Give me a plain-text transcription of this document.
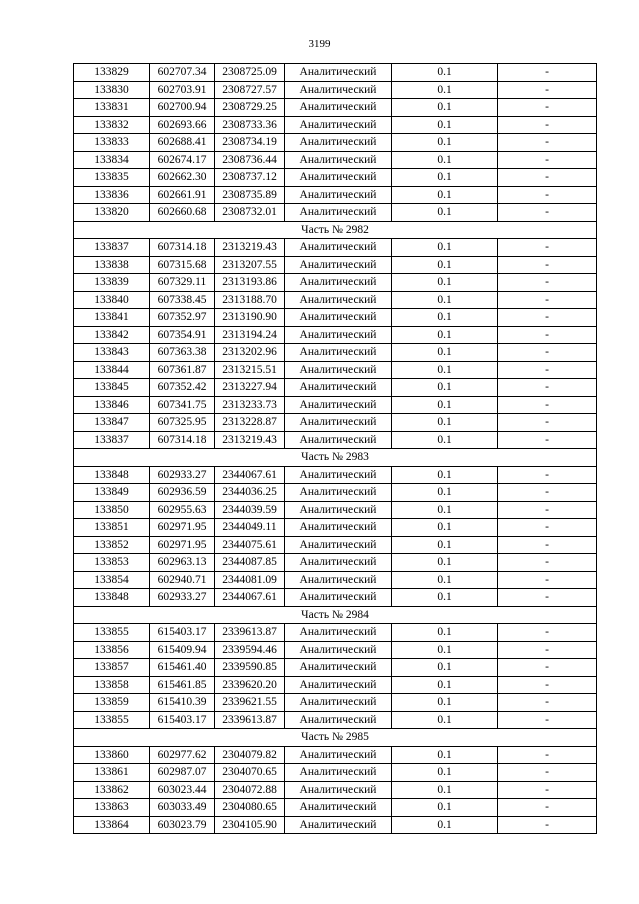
3199
133829	602707.34	2308725.09	Аналитический	0.1	-
133830	602703.91	2308727.57	Аналитический	0.1	-
133831	602700.94	2308729.25	Аналитический	0.1	-
133832	602693.66	2308733.36	Аналитический	0.1	-
133833	602688.41	2308734.19	Аналитический	0.1	-
133834	602674.17	2308736.44	Аналитический	0.1	-
133835	602662.30	2308737.12	Аналитический	0.1	-
133836	602661.91	2308735.89	Аналитический	0.1	-
133820	602660.68	2308732.01	Аналитический	0.1	-
Часть № 2982					
133837	607314.18	2313219.43	Аналитический	0.1	-
133838	607315.68	2313207.55	Аналитический	0.1	-
133839	607329.11	2313193.86	Аналитический	0.1	-
133840	607338.45	2313188.70	Аналитический	0.1	-
133841	607352.97	2313190.90	Аналитический	0.1	-
133842	607354.91	2313194.24	Аналитический	0.1	-
133843	607363.38	2313202.96	Аналитический	0.1	-
133844	607361.87	2313215.51	Аналитический	0.1	-
133845	607352.42	2313227.94	Аналитический	0.1	-
133846	607341.75	2313233.73	Аналитический	0.1	-
133847	607325.95	2313228.87	Аналитический	0.1	-
133837	607314.18	2313219.43	Аналитический	0.1	-
Часть № 2983					
133848	602933.27	2344067.61	Аналитический	0.1	-
133849	602936.59	2344036.25	Аналитический	0.1	-
133850	602955.63	2344039.59	Аналитический	0.1	-
133851	602971.95	2344049.11	Аналитический	0.1	-
133852	602971.95	2344075.61	Аналитический	0.1	-
133853	602963.13	2344087.85	Аналитический	0.1	-
133854	602940.71	2344081.09	Аналитический	0.1	-
133848	602933.27	2344067.61	Аналитический	0.1	-
Часть № 2984					
133855	615403.17	2339613.87	Аналитический	0.1	-
133856	615409.94	2339594.46	Аналитический	0.1	-
133857	615461.40	2339590.85	Аналитический	0.1	-
133858	615461.85	2339620.20	Аналитический	0.1	-
133859	615410.39	2339621.55	Аналитический	0.1	-
133855	615403.17	2339613.87	Аналитический	0.1	-
Часть № 2985					
133860	602977.62	2304079.82	Аналитический	0.1	-
133861	602987.07	2304070.65	Аналитический	0.1	-
133862	603023.44	2304072.88	Аналитический	0.1	-
133863	603033.49	2304080.65	Аналитический	0.1	-
133864	603023.79	2304105.90	Аналитический	0.1	-
